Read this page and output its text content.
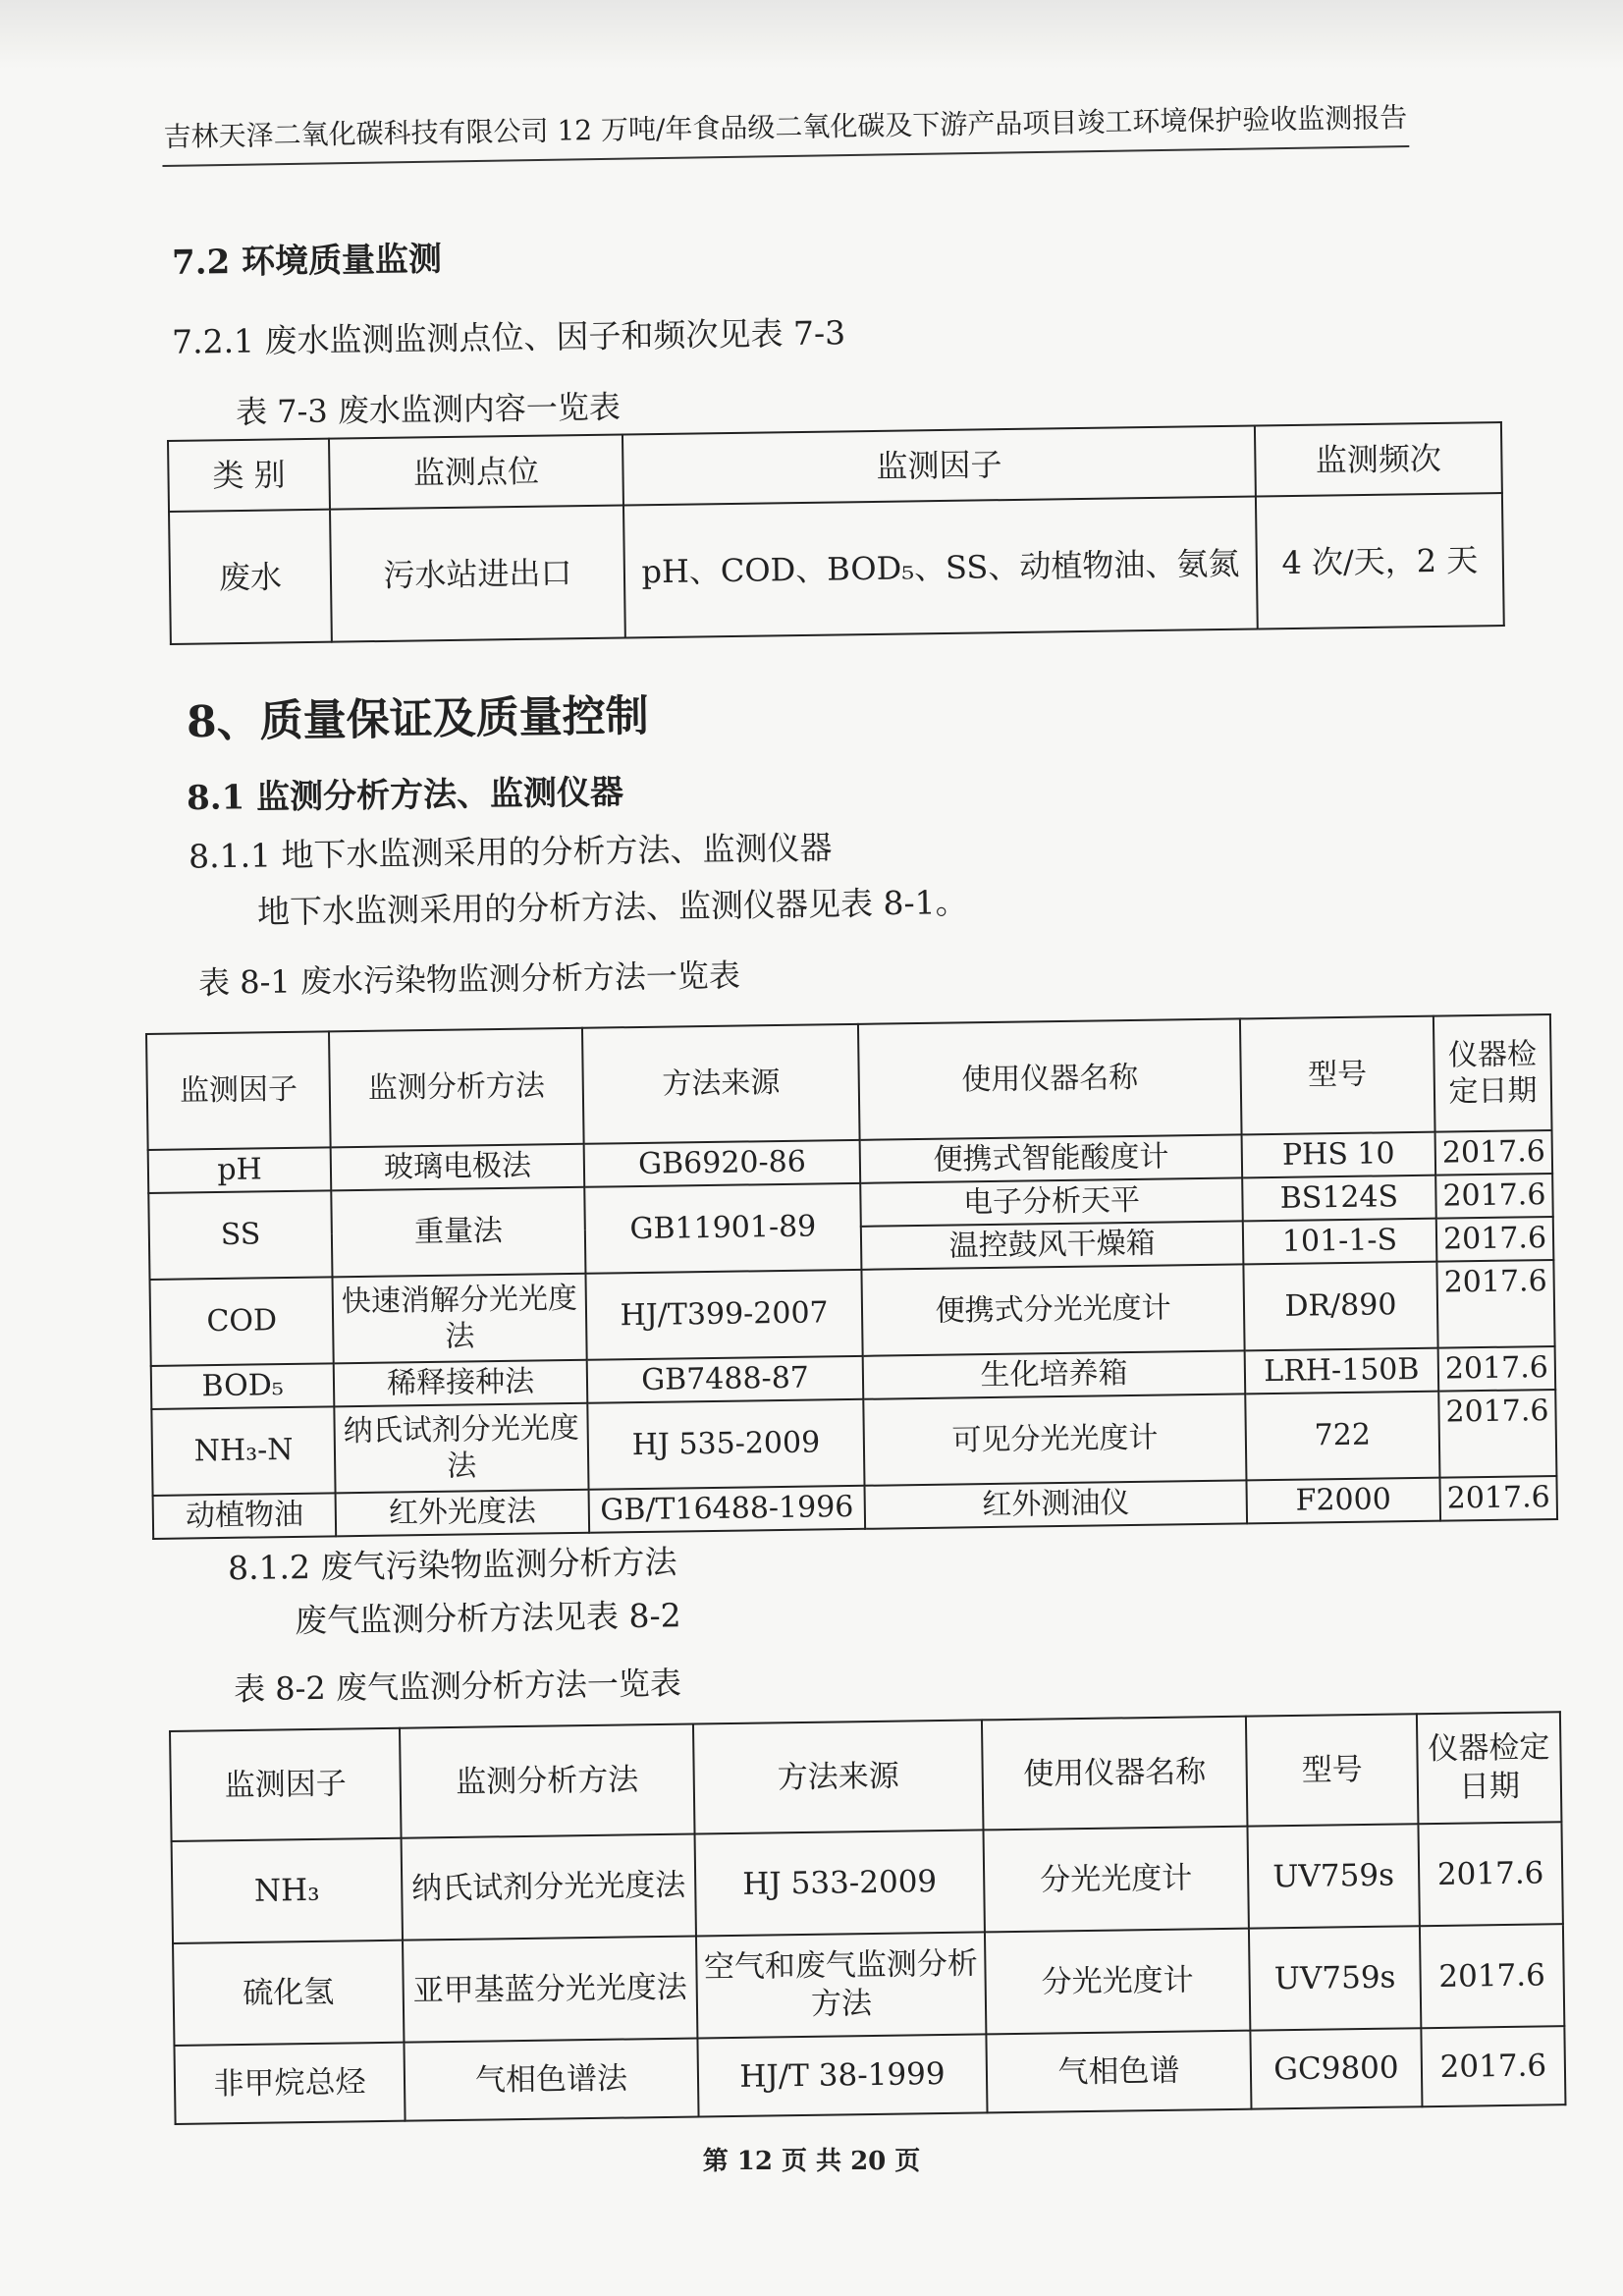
吉林天泽二氧化碳科技有限公司 12 万吨/年食品级二氧化碳及下游产品项目竣工环境保护验收监测报告
7.2 环境质量监测
7.2.1 废水监测监测点位、因子和频次见表 7-3
表 7-3 废水监测内容一览表
类 别	监测点位	监测因子	监测频次
废水	污水站进出口	pH、COD、BOD₅、SS、动植物油、氨氮	4 次/天，2 天
8、质量保证及质量控制
8.1 监测分析方法、监测仪器
8.1.1 地下水监测采用的分析方法、监测仪器
地下水监测采用的分析方法、监测仪器见表 8-1。
表 8-1 废水污染物监测分析方法一览表
监测因子	监测分析方法	方法来源	使用仪器名称	型号	仪器检定日期
pH	玻璃电极法	GB6920-86	便携式智能酸度计	PHS 10	2017.6
SS	重量法	GB11901-89	电子分析天平	BS124S	2017.6
			温控鼓风干燥箱	101-1-S	2017.6
COD	快速消解分光光度法	HJ/T399-2007	便携式分光光度计	DR/890	2017.6
BOD₅	稀释接种法	GB7488-87	生化培养箱	LRH-150B	2017.6
NH₃-N	纳氏试剂分光光度法	HJ 535-2009	可见分光光度计	722	2017.6
动植物油	红外光度法	GB/T16488-1996	红外测油仪	F2000	2017.6
8.1.2 废气污染物监测分析方法
废气监测分析方法见表 8-2
表 8-2 废气监测分析方法一览表
监测因子	监测分析方法	方法来源	使用仪器名称	型号	仪器检定日期
NH₃	纳氏试剂分光光度法	HJ 533-2009	分光光度计	UV759s	2017.6
硫化氢	亚甲基蓝分光光度法	空气和废气监测分析方法	分光光度计	UV759s	2017.6
非甲烷总烃	气相色谱法	HJ/T 38-1999	气相色谱	GC9800	2017.6
第 12 页 共 20 页
